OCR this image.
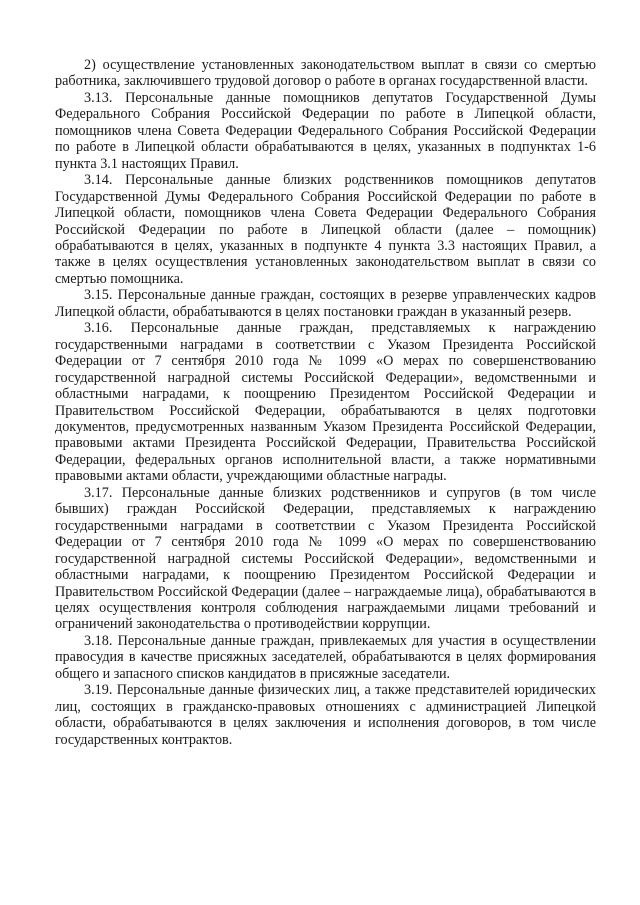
2) осуществление установленных законодательством выплат в связи со смертью работника, заключившего трудовой договор о работе в органах государственной власти.

3.13. Персональные данные помощников депутатов Государственной Думы Федерального Собрания Российской Федерации по работе в Липецкой области, помощников члена Совета Федерации Федерального Собрания Российской Федерации по работе в Липецкой области обрабатываются в целях, указанных в подпунктах 1-6 пункта 3.1 настоящих Правил.

3.14. Персональные данные близких родственников помощников депутатов Государственной Думы Федерального Собрания Российской Федерации по работе в Липецкой области, помощников члена Совета Федерации Федерального Собрания Российской Федерации по работе в Липецкой области (далее – помощник) обрабатываются в целях, указанных в подпункте 4 пункта 3.3 настоящих Правил, а также в целях осуществления установленных законодательством выплат в связи со смертью помощника.

3.15. Персональные данные граждан, состоящих в резерве управленческих кадров Липецкой области, обрабатываются в целях постановки граждан в указанный резерв.

3.16. Персональные данные граждан, представляемых к награждению государственными наградами в соответствии с Указом Президента Российской Федерации от 7 сентября 2010 года № 1099 «О мерах по совершенствованию государственной наградной системы Российской Федерации», ведомственными и областными наградами, к поощрению Президентом Российской Федерации и Правительством Российской Федерации, обрабатываются в целях подготовки документов, предусмотренных названным Указом Президента Российской Федерации, правовыми актами Президента Российской Федерации, Правительства Российской Федерации, федеральных органов исполнительной власти, а также нормативными правовыми актами области, учреждающими областные награды.

3.17. Персональные данные близких родственников и супругов (в том числе бывших) граждан Российской Федерации, представляемых к награждению государственными наградами в соответствии с Указом Президента Российской Федерации от 7 сентября 2010 года № 1099 «О мерах по совершенствованию государственной наградной системы Российской Федерации», ведомственными и областными наградами, к поощрению Президентом Российской Федерации и Правительством Российской Федерации (далее – награждаемые лица), обрабатываются в целях осуществления контроля соблюдения награждаемыми лицами требований и ограничений законодательства о противодействии коррупции.

3.18. Персональные данные граждан, привлекаемых для участия в осуществлении правосудия в качестве присяжных заседателей, обрабатываются в целях формирования общего и запасного списков кандидатов в присяжные заседатели.

3.19. Персональные данные физических лиц, а также представителей юридических лиц, состоящих в гражданско-правовых отношениях с администрацией Липецкой области, обрабатываются в целях заключения и исполнения договоров, в том числе государственных контрактов.
